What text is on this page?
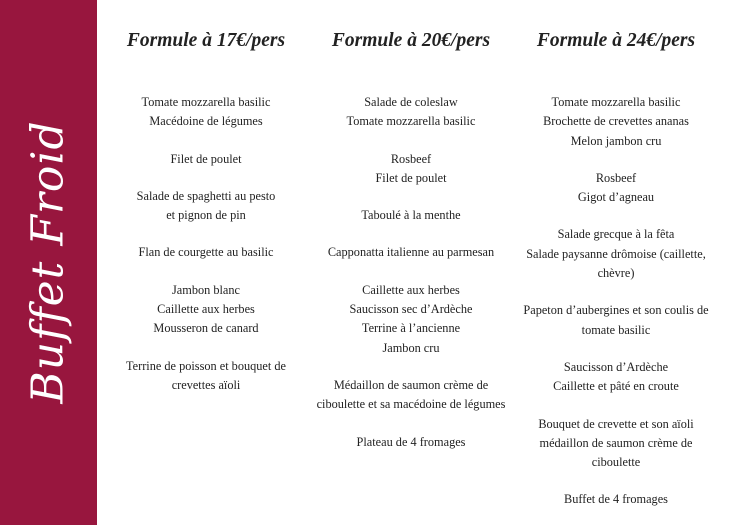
Buffet Froid
Formule à 17€/pers
Tomate mozzarella basilic
Macédoine de légumes
Filet de poulet
Salade de spaghetti au pesto
et pignon de pin
Flan de courgette au basilic
Jambon blanc
Caillette aux herbes
Mousseron de canard
Terrine de poisson et bouquet de
crevettes aïoli
Formule à 20€/pers
Salade de coleslaw
Tomate mozzarella basilic
Rosbeef
Filet de poulet
Taboulé à la menthe
Capponatta italienne au parmesan
Caillette aux herbes
Saucisson sec d’Ardèche
Terrine à l’ancienne
Jambon cru
Médaillon de saumon crème de
ciboulette et sa macédoine de légumes
Plateau de 4 fromages
Formule à 24€/pers
Tomate mozzarella basilic
Brochette de crevettes ananas
Melon jambon cru
Rosbeef
Gigot d’agneau
Salade grecque à la fêta
Salade paysanne drômoise (caillette,
chèvre)
Papeton d’aubergines et son coulis de
tomate basilic
Saucisson d’Ardèche
Caillette et pâté en croute
Bouquet de crevette et son aïoli
médaillon de saumon crème de
ciboulette
Buffet de 4 fromages
